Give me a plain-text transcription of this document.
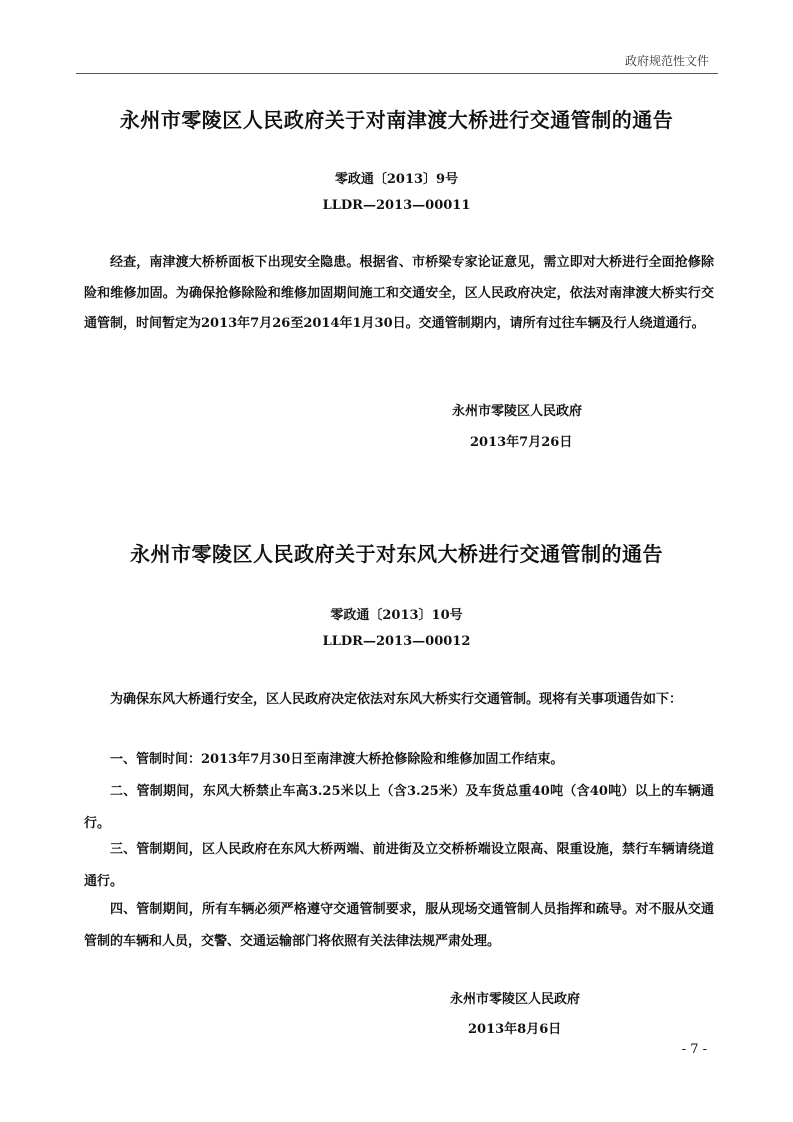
政府规范性文件
永州市零陵区人民政府关于对南津渡大桥进行交通管制的通告
零政通〔2013〕9号
LLDR—2013—00011

经查，南津渡大桥桥面板下出现安全隐患。根据省、市桥梁专家论证意见，需立即对大桥进行全面抢修除险和维修加固。为确保抢修除险和维修加固期间施工和交通安全，区人民政府决定，依法对南津渡大桥实行交通管制，时间暂定为2013年7月26至2014年1月30日。交通管制期内，请所有过往车辆及行人绕道通行。

永州市零陵区人民政府
2013年7月26日
永州市零陵区人民政府关于对东风大桥进行交通管制的通告
零政通〔2013〕10号
LLDR—2013—00012

为确保东风大桥通行安全，区人民政府决定依法对东风大桥实行交通管制。现将有关事项通告如下：

一、管制时间：2013年7月30日至南津渡大桥抢修除险和维修加固工作结束。

二、管制期间，东风大桥禁止车高3.25米以上（含3.25米）及车货总重40吨（含40吨）以上的车辆通行。

三、管制期间，区人民政府在东风大桥两端、前进街及立交桥桥端设立限高、限重设施，禁行车辆请绕道通行。

四、管制期间，所有车辆必须严格遵守交通管制要求，服从现场交通管制人员指挥和疏导。对不服从交通管制的车辆和人员，交警、交通运输部门将依照有关法律法规严肃处理。

永州市零陵区人民政府
2013年8月6日
- 7 -
